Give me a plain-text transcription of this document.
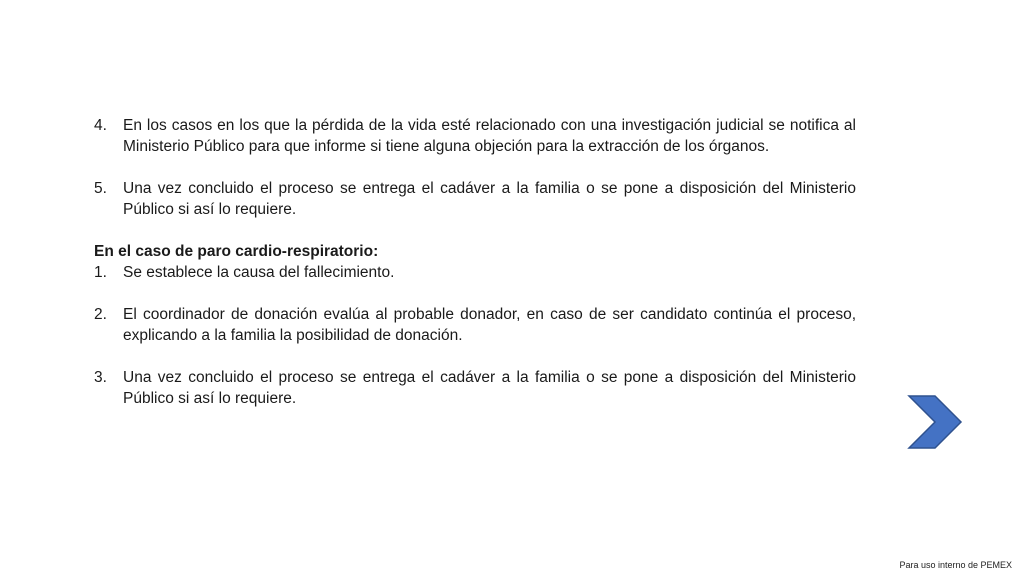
4.	En los casos en los que la pérdida de la vida esté relacionado con una investigación judicial se notifica al Ministerio Público para que informe si tiene alguna objeción para la extracción de los órganos.
5.	Una vez concluido el proceso se entrega el cadáver a la familia o se pone a disposición del Ministerio Público si así lo requiere.
En el caso de paro cardio-respiratorio:
1.	Se establece la causa del fallecimiento.
2.	El coordinador de donación evalúa al probable donador, en caso de ser candidato continúa el proceso, explicando a la familia la posibilidad de donación.
3.	Una vez concluido el proceso se entrega el cadáver a la familia o se pone a disposición del Ministerio Público si así lo requiere.
Para uso interno de PEMEX
